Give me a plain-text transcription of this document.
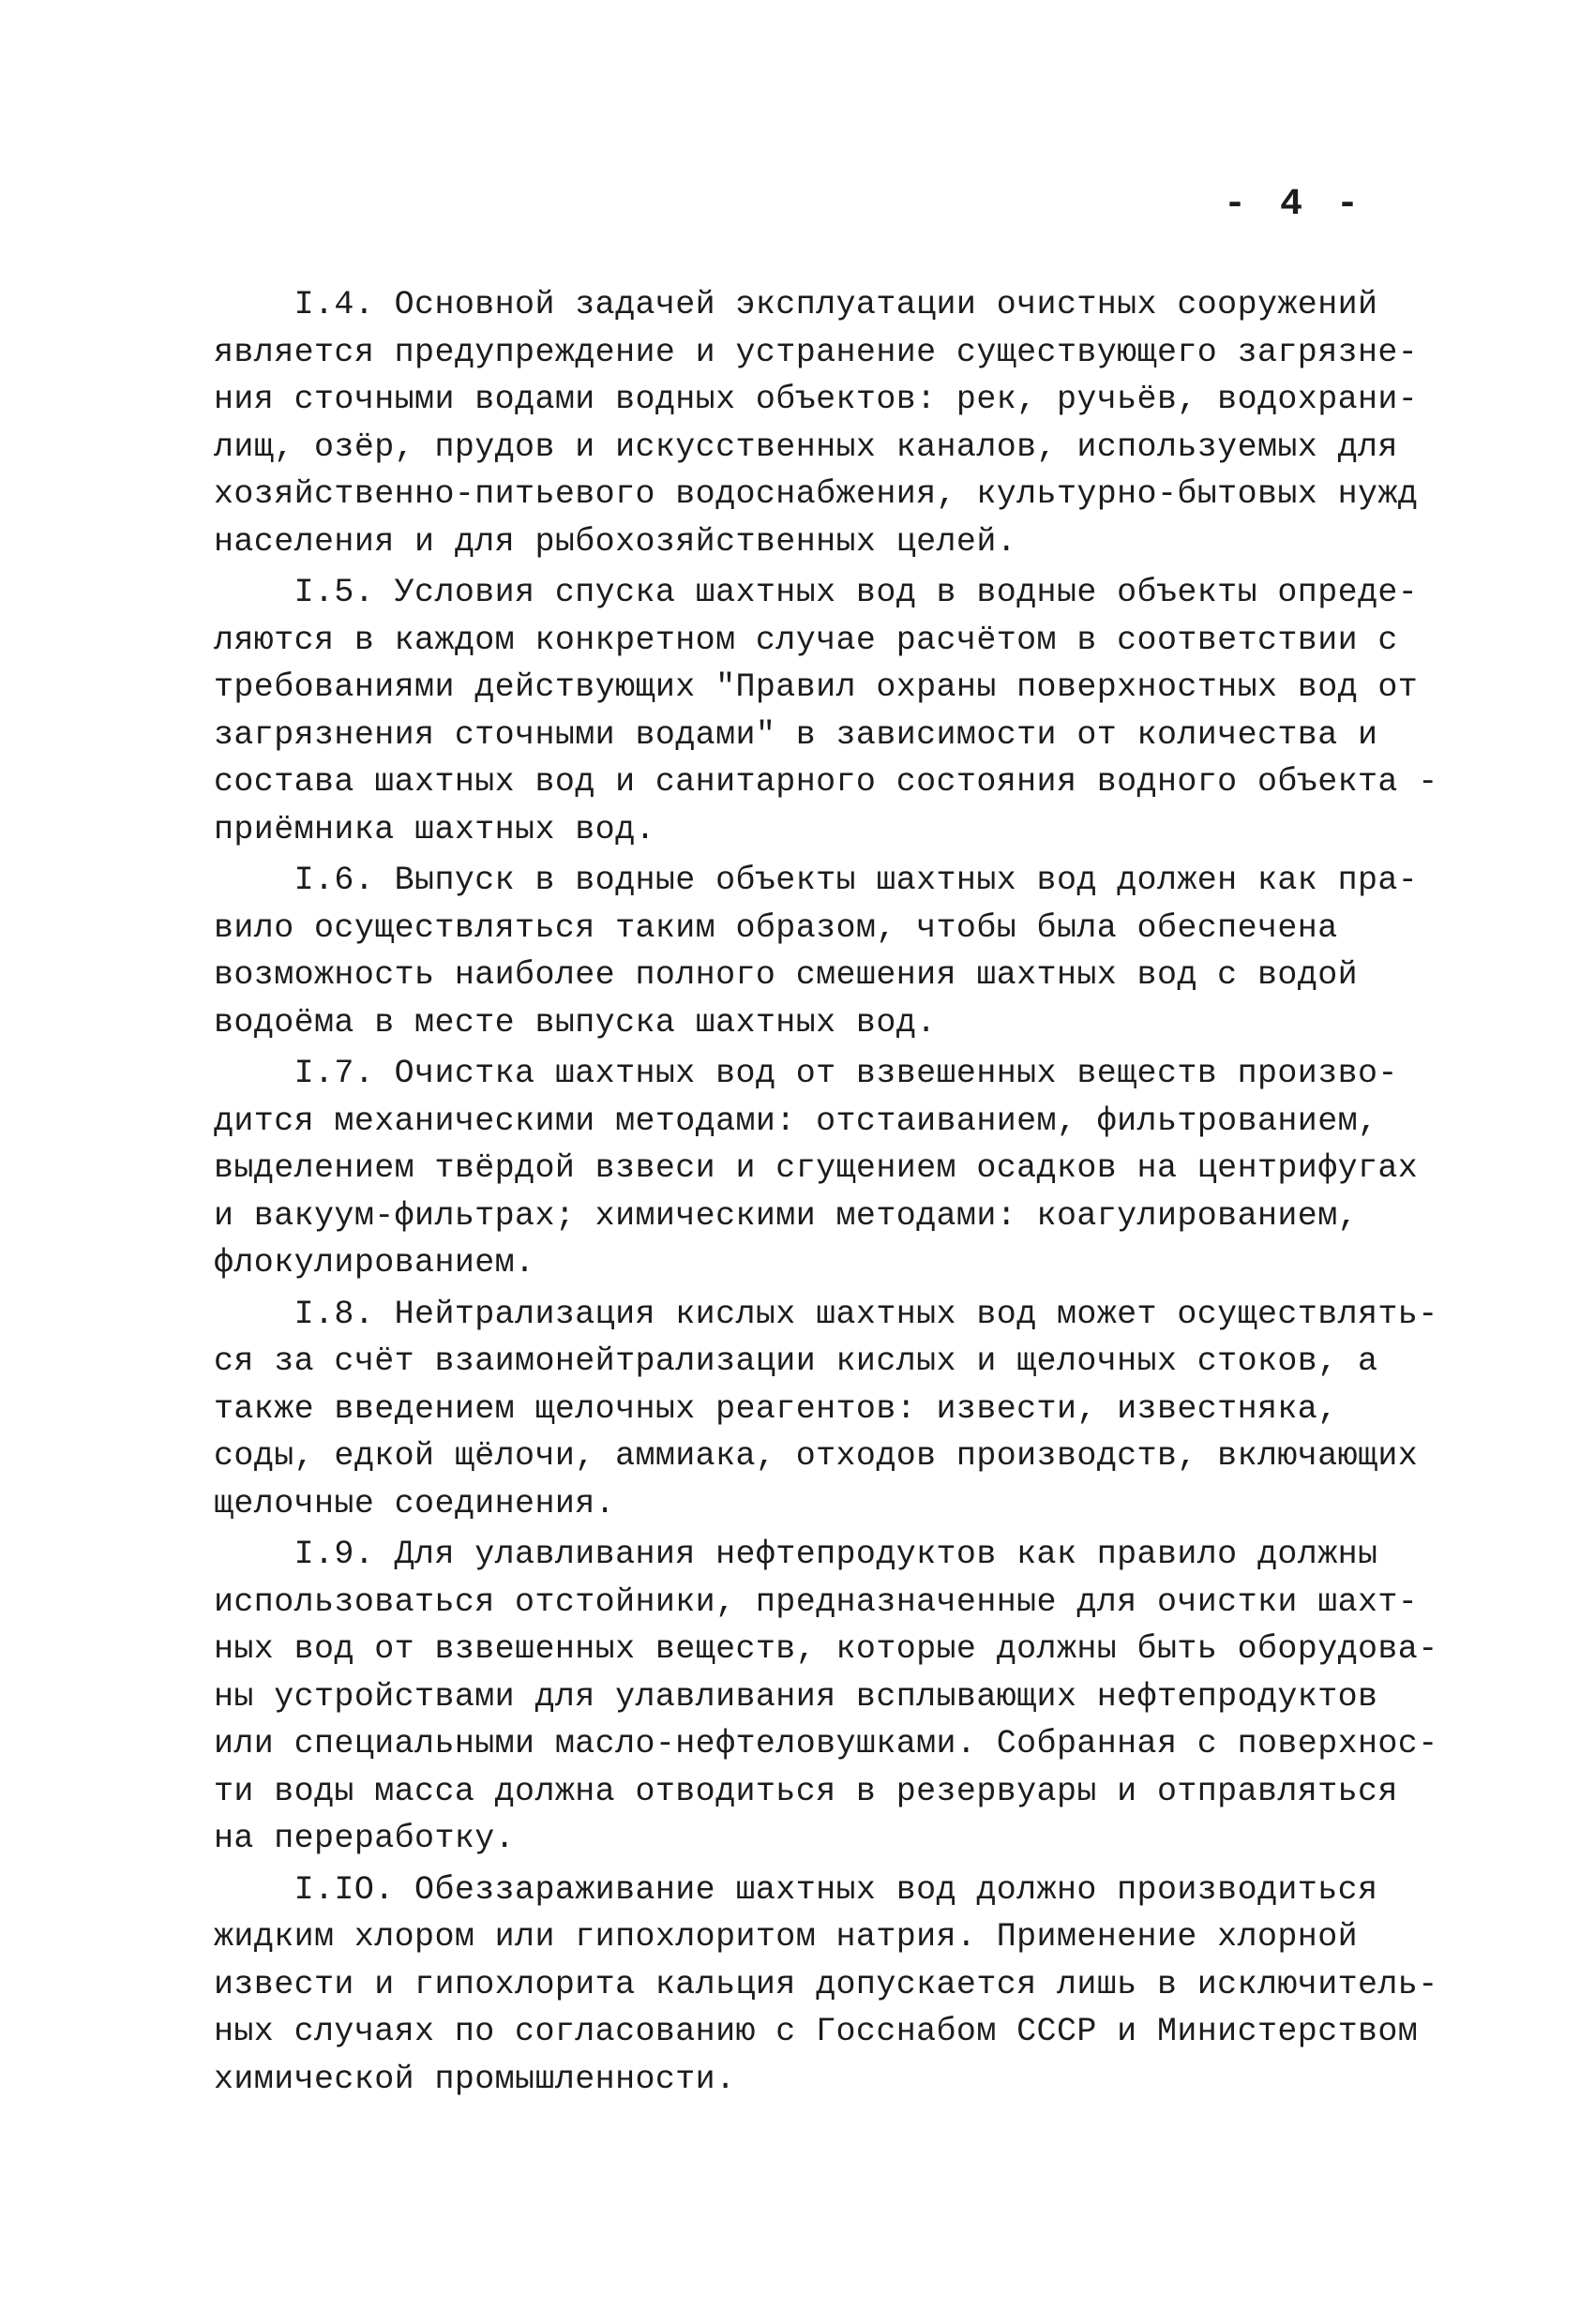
- 4 -
I.4. Основной задачей эксплуатации очистных сооружений
является предупреждение и устранение существующего загрязне-
ния сточными водами водных объектов: рек, ручьёв, водохрани-
лищ, озёр, прудов и искусственных каналов, используемых для
хозяйственно-питьевого водоснабжения, культурно-бытовых нужд
населения и для рыбохозяйственных целей.
I.5. Условия спуска шахтных вод в водные объекты опреде-
ляются в каждом конкретном случае расчётом в соответствии с
требованиями действующих "Правил охраны поверхностных вод от
загрязнения сточными водами" в зависимости от количества и
состава шахтных вод и санитарного состояния водного объекта -
приёмника шахтных вод.
I.6. Выпуск в водные объекты шахтных вод должен как пра-
вило осуществляться таким образом, чтобы была обеспечена
возможность наиболее полного смешения шахтных вод с водой
водоёма в месте выпуска шахтных вод.
I.7. Очистка шахтных вод от взвешенных веществ произво-
дится механическими методами: отстаиванием, фильтрованием,
выделением твёрдой взвеси и сгущением осадков на центрифугах
и вакуум-фильтрах; химическими методами: коагулированием,
флокулированием.
I.8. Нейтрализация кислых шахтных вод может осуществлять-
ся за счёт взаимонейтрализации кислых и щелочных стоков, а
также введением щелочных реагентов: извести, известняка,
соды, едкой щёлочи, аммиака, отходов производств, включающих
щелочные соединения.
I.9. Для улавливания нефтепродуктов как правило должны
использоваться отстойники, предназначенные для очистки шахт-
ных вод от взвешенных веществ, которые должны быть оборудова-
ны устройствами для улавливания всплывающих нефтепродуктов
или специальными масло-нефтеловушками. Собранная с поверхнос-
ти воды масса должна отводиться в резервуары и отправляться
на переработку.
I.IO. Обеззараживание шахтных вод должно производиться
жидким хлором или гипохлоритом натрия. Применение хлорной
извести и гипохлорита кальция допускается лишь в исключитель-
ных случаях по согласованию с Госснабом СССР и Министерством
химической промышленности.
